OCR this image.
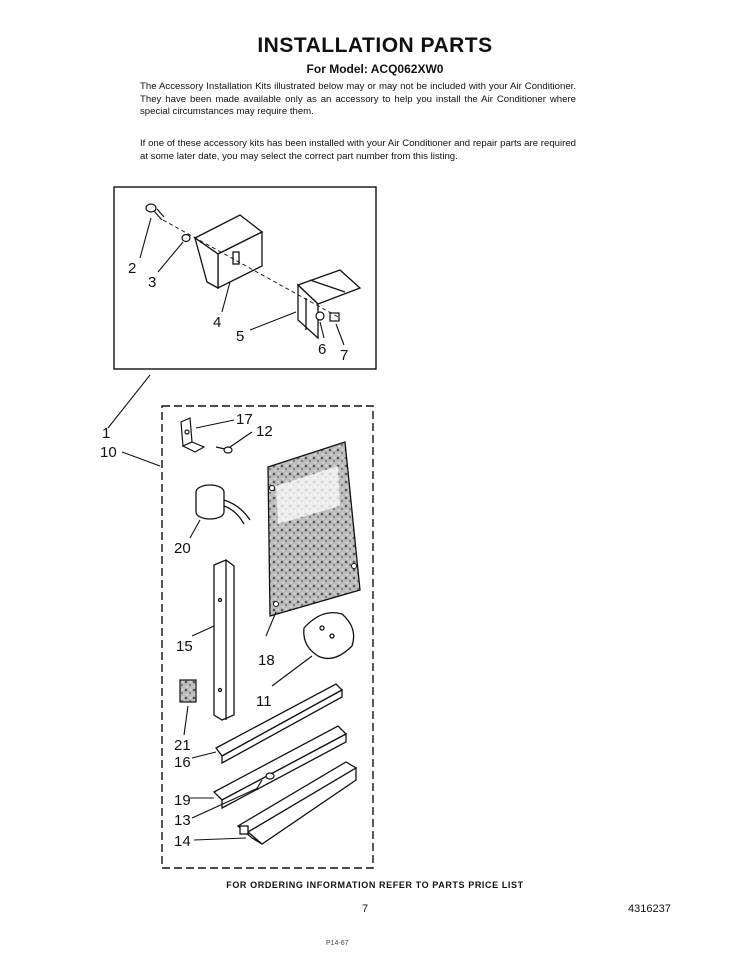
INSTALLATION PARTS
For Model: ACQ062XW0
The Accessory Installation Kits illustrated below may or may not be included with your Air Conditioner. They have been made available only as an accessory to help you install the Air Conditioner where special circumstances may require them.
If one of these accessory kits has been installed with your Air Conditioner and repair parts are required at some later date, you may select the correct part number from this listing.
2
3
4
5
6 7
1
10
17
12
20
15
18
11
21
16
19
13
14
FOR ORDERING INFORMATION REFER TO PARTS PRICE LIST
7	4316237
P14-67
